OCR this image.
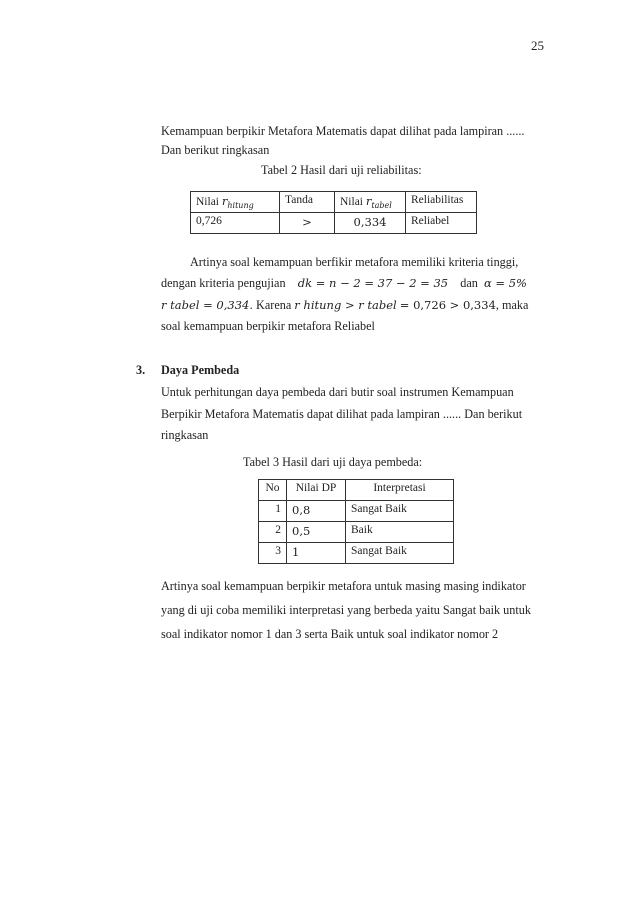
25
Kemampuan berpikir Metafora Matematis dapat dilihat pada lampiran ......
Dan berikut ringkasan
Tabel 2 Hasil dari uji reliabilitas:
Nilai $r_{hitung}$	Tanda	Nilai $r_{tabel}$	Reliabilitas
0,726	>	0,334	Reliabel
Artinya soal kemampuan berfikir metafora memiliki kriteria tinggi,
dengan kriteria pengujian dk = n − 2 = 37 − 2 = 35 dan α = 5%
r tabel = 0,334. Karena r hitung > r tabel = 0,726 > 0,334, maka
soal kemampuan berpikir metafora Reliabel
3. Daya Pembeda
Untuk perhitungan daya pembeda dari butir soal instrumen Kemampuan
Berpikir Metafora Matematis dapat dilihat pada lampiran ...... Dan berikut
ringkasan
Tabel 3 Hasil dari uji daya pembeda:
No	Nilai DP	Interpretasi
1	0,8	Sangat Baik
2	0,5	Baik
3	1	Sangat Baik
Artinya soal kemampuan berpikir metafora untuk masing masing indikator
yang di uji coba memiliki interpretasi yang berbeda yaitu Sangat baik untuk
soal indikator nomor 1 dan 3 serta Baik untuk soal indikator nomor 2
